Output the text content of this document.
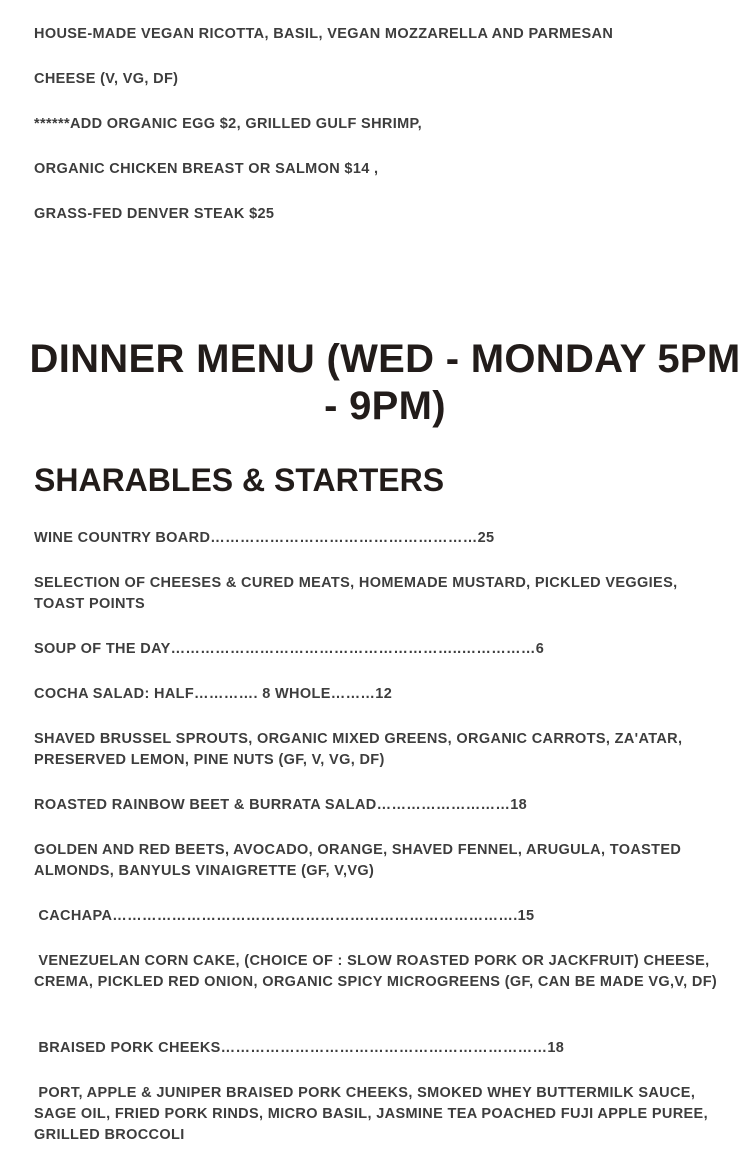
HOUSE-MADE VEGAN RICOTTA, BASIL, VEGAN MOZZARELLA AND PARMESAN
CHEESE (V, VG, DF)
******ADD ORGANIC EGG $2, GRILLED GULF SHRIMP,
ORGANIC CHICKEN BREAST OR SALMON $14 ,
GRASS-FED DENVER STEAK $25
DINNER MENU (WED - MONDAY 5PM - 9PM)
SHARABLES & STARTERS
WINE COUNTRY BOARD………………………………………………25
SELECTION OF CHEESES & CURED MEATS, HOMEMADE MUSTARD, PICKLED VEGGIES, TOAST POINTS
SOUP OF THE DAY…………………………………………………..……………6
COCHA SALAD: HALF…………. 8 WHOLE………12
SHAVED BRUSSEL SPROUTS, ORGANIC MIXED GREENS, ORGANIC CARROTS, ZA'ATAR, PRESERVED LEMON, PINE NUTS (GF, V, VG, DF)
ROASTED RAINBOW BEET & BURRATA SALAD………………………18
GOLDEN AND RED BEETS, AVOCADO, ORANGE, SHAVED FENNEL, ARUGULA, TOASTED ALMONDS, BANYULS VINAIGRETTE (GF, V,VG)
CACHAPA……………………………………………………………………….15
VENEZUELAN CORN CAKE, (CHOICE OF : SLOW ROASTED PORK OR JACKFRUIT) CHEESE, CREMA, PICKLED RED ONION, ORGANIC SPICY MICROGREENS (GF, CAN BE MADE VG,V, DF)
BRAISED PORK CHEEKS…………………………………………………………18
PORT, APPLE & JUNIPER BRAISED PORK CHEEKS, SMOKED WHEY BUTTERMILK SAUCE, SAGE OIL, FRIED PORK RINDS, MICRO BASIL, JASMINE TEA POACHED FUJI APPLE PUREE, GRILLED BROCCOLI
